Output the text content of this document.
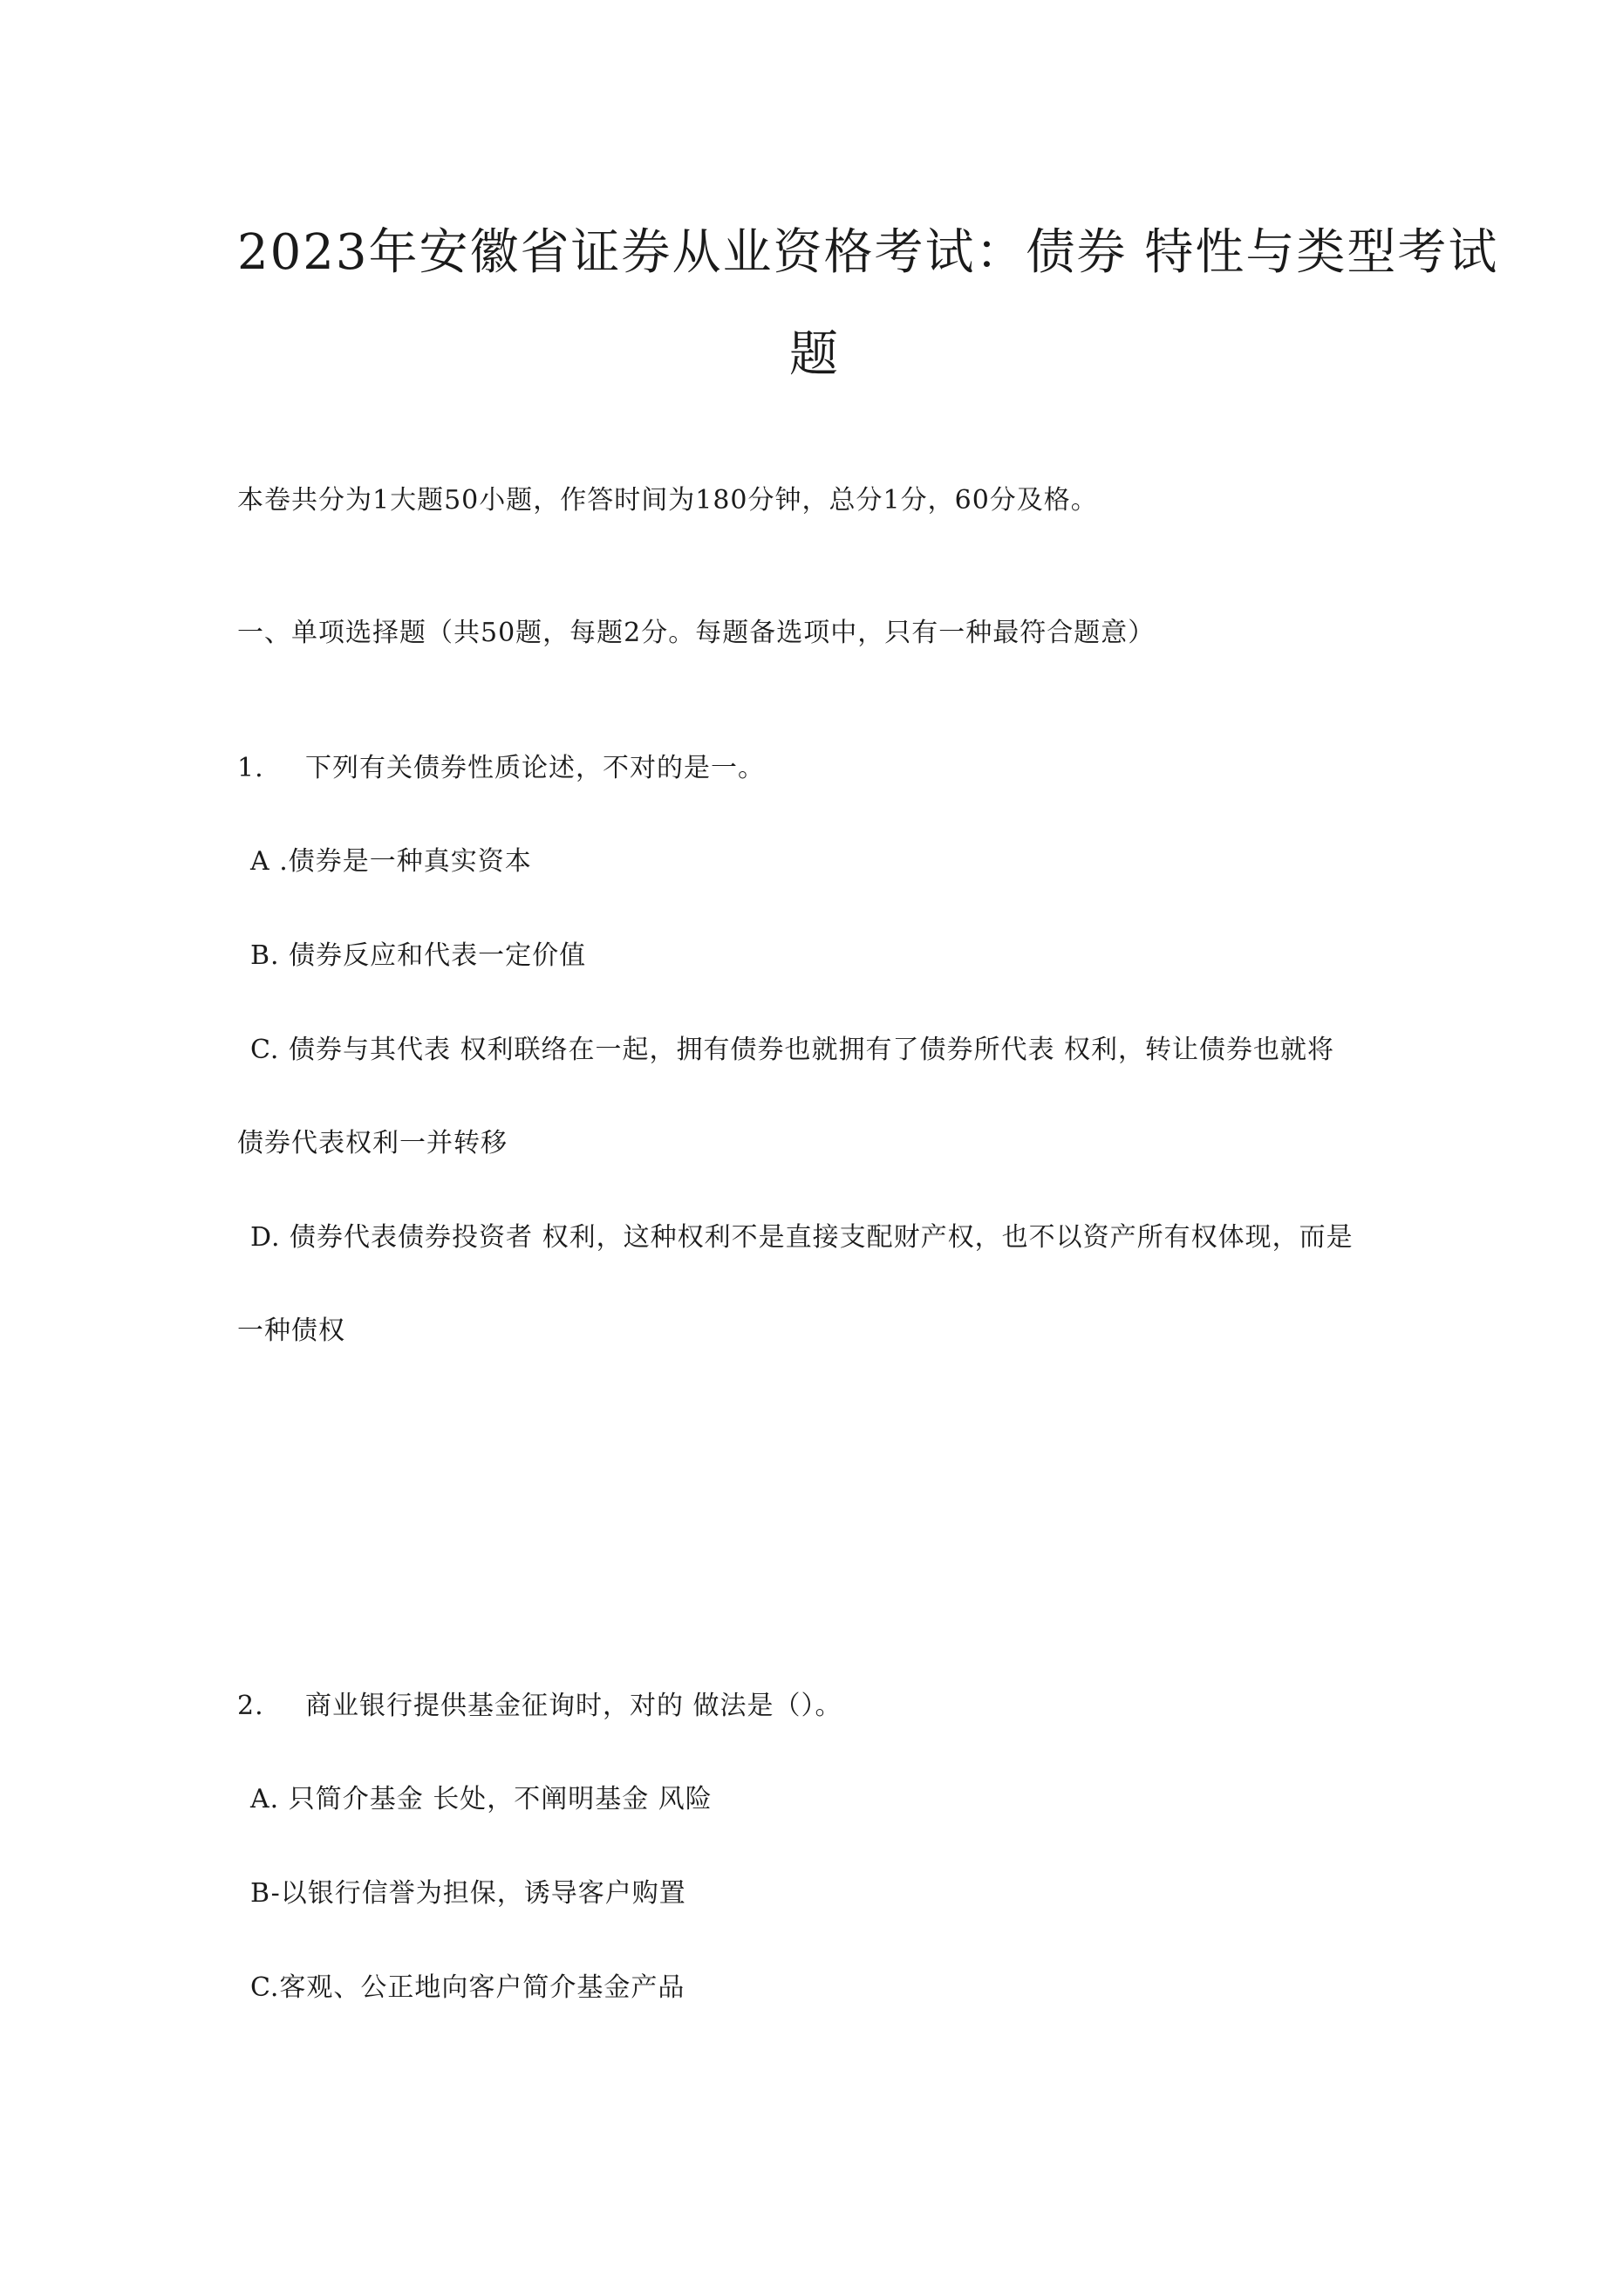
2023年安徽省证券从业资格考试：债券 特性与类型考试
题

本卷共分为1大题50小题，作答时间为180分钟，总分1分，60分及格。

一、单项选择题（共50题，每题2分。每题备选项中，只有一种最符合题意）

1. 下列有关债券性质论述，不对的是一。

A .债券是一种真实资本

B. 债券反应和代表一定价值

C. 债券与其代表 权利联络在一起，拥有债券也就拥有了债券所代表 权利，转让债券也就将

债券代表权利一并转移

D. 债券代表债券投资者 权利，这种权利不是直接支配财产权，也不以资产所有权体现，而是

一种债权

2. 商业银行提供基金征询时，对的 做法是（）。

A. 只简介基金 长处，不阐明基金 风险

B-以银行信誉为担保，诱导客户购置

C.客观、公正地向客户简介基金产品
